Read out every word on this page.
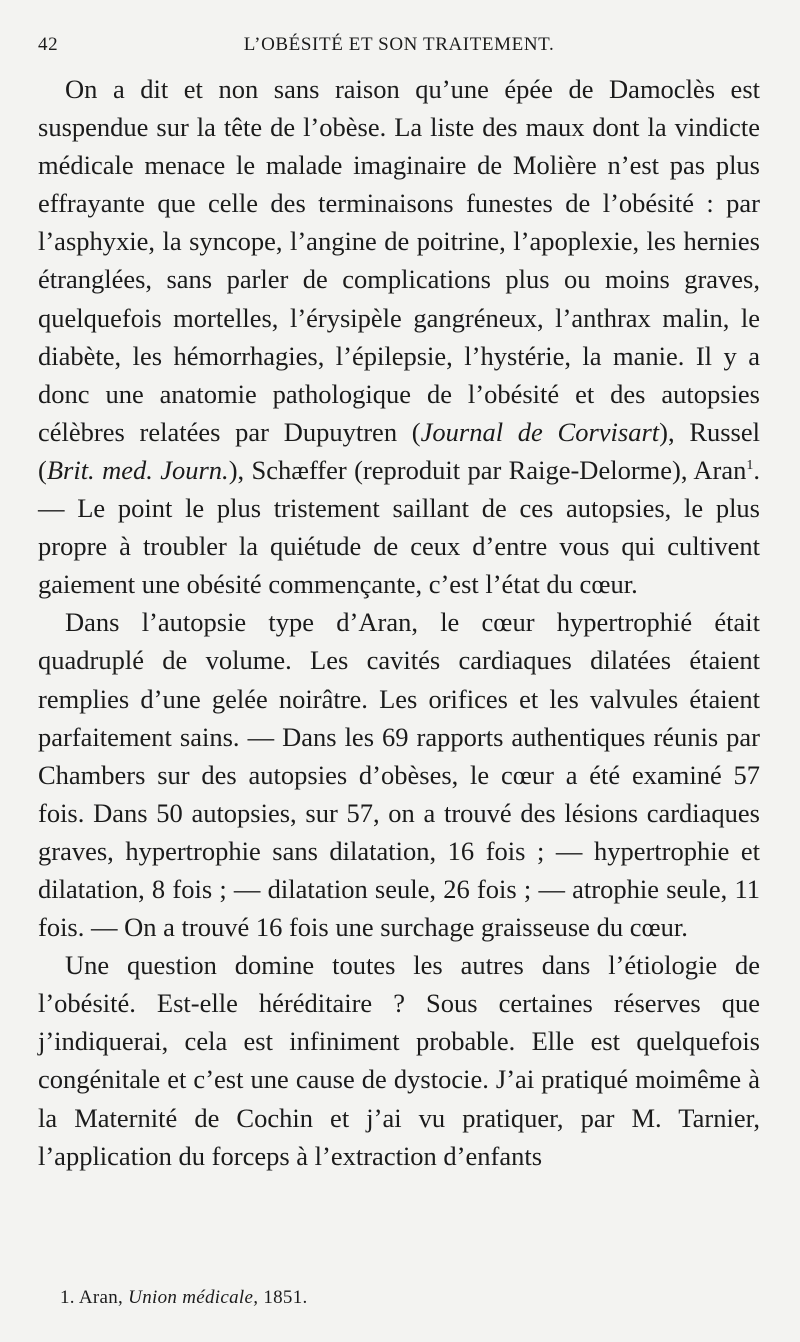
42	L’OBÉSITÉ ET SON TRAITEMENT.

On a dit et non sans raison qu’une épée de Damoclès est suspendue sur la tête de l’obèse. La liste des maux dont la vindicte médicale menace le malade imaginaire de Molière n’est pas plus effrayante que celle des terminaisons funestes de l’obésité : par l’asphyxie, la syncope, l’angine de poitrine, l’apoplexie, les hernies étranglées, sans parler de complications plus ou moins graves, quelquefois mortelles, l’érysipèle gangréneux, l’anthrax malin, le diabète, les hémorrhagies, l’épilepsie, l’hystérie, la manie. Il y a donc une anatomie pathologique de l’obésité et des autopsies célèbres relatées par Dupuytren (Journal de Corvisart), Russel (Brit. med. Journ.), Schæffer (reproduit par Raige-Delorme), Aran$^1$. — Le point le plus tristement saillant de ces autopsies, le plus propre à troubler la quiétude de ceux d’entre vous qui cultivent gaiement une obésité commençante, c’est l’état du cœur.

Dans l’autopsie type d’Aran, le cœur hypertrophié était quadruplé de volume. Les cavités cardiaques dilatées étaient remplies d’une gelée noirâtre. Les orifices et les valvules étaient parfaitement sains. — Dans les 69 rapports authentiques réunis par Chambers sur des autopsies d’obèses, le cœur a été examiné 57 fois. Dans 50 autopsies, sur 57, on a trouvé des lésions cardiaques graves, hypertrophie sans dilatation, 16 fois ; — hypertrophie et dilatation, 8 fois ; — dilatation seule, 26 fois ; — atrophie seule, 11 fois. — On a trouvé 16 fois une surchage graisseuse du cœur.

Une question domine toutes les autres dans l’étiologie de l’obésité. Est-elle héréditaire ? Sous certaines réserves que j’indiquerai, cela est infiniment probable. Elle est quelquefois congénitale et c’est une cause de dystocie. J’ai pratiqué moimême à la Maternité de Cochin et j’ai vu pratiquer, par M. Tarnier, l’application du forceps à l’extraction d’enfants

1. Aran, Union médicale, 1851.
